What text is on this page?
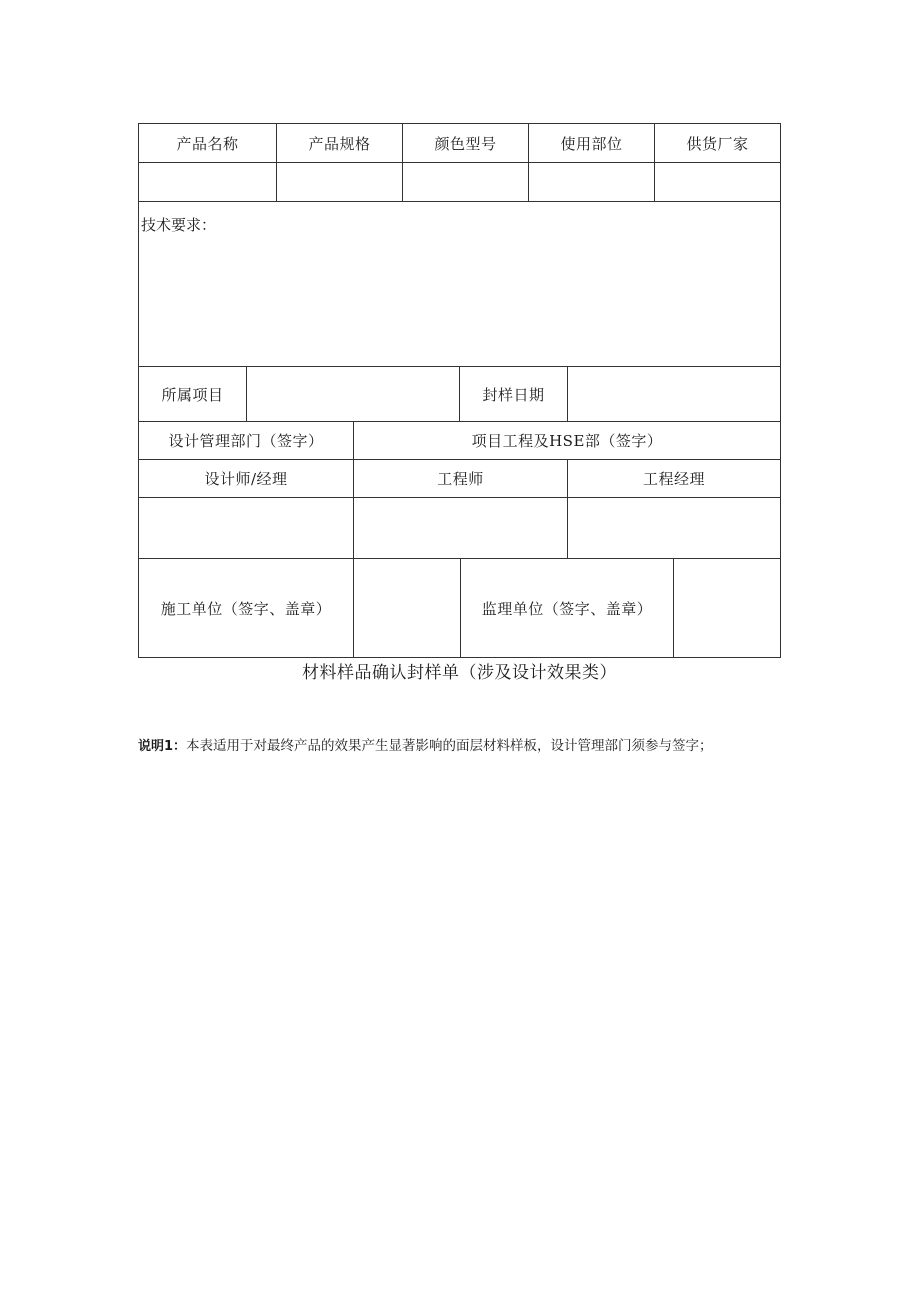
产品名称	产品规格	颜色型号	使用部位	供货厂家
技术要求：
所属项目	封样日期
设计管理部门（签字）	项目工程及HSE部（签字）
设计师/经理	工程师	工程经理
施工单位（签字、盖章）	监理单位（签字、盖章）
材料样品确认封样单（涉及设计效果类）
说明1：本表适用于对最终产品的效果产生显著影响的面层材料样板，设计管理部门须参与签字；
